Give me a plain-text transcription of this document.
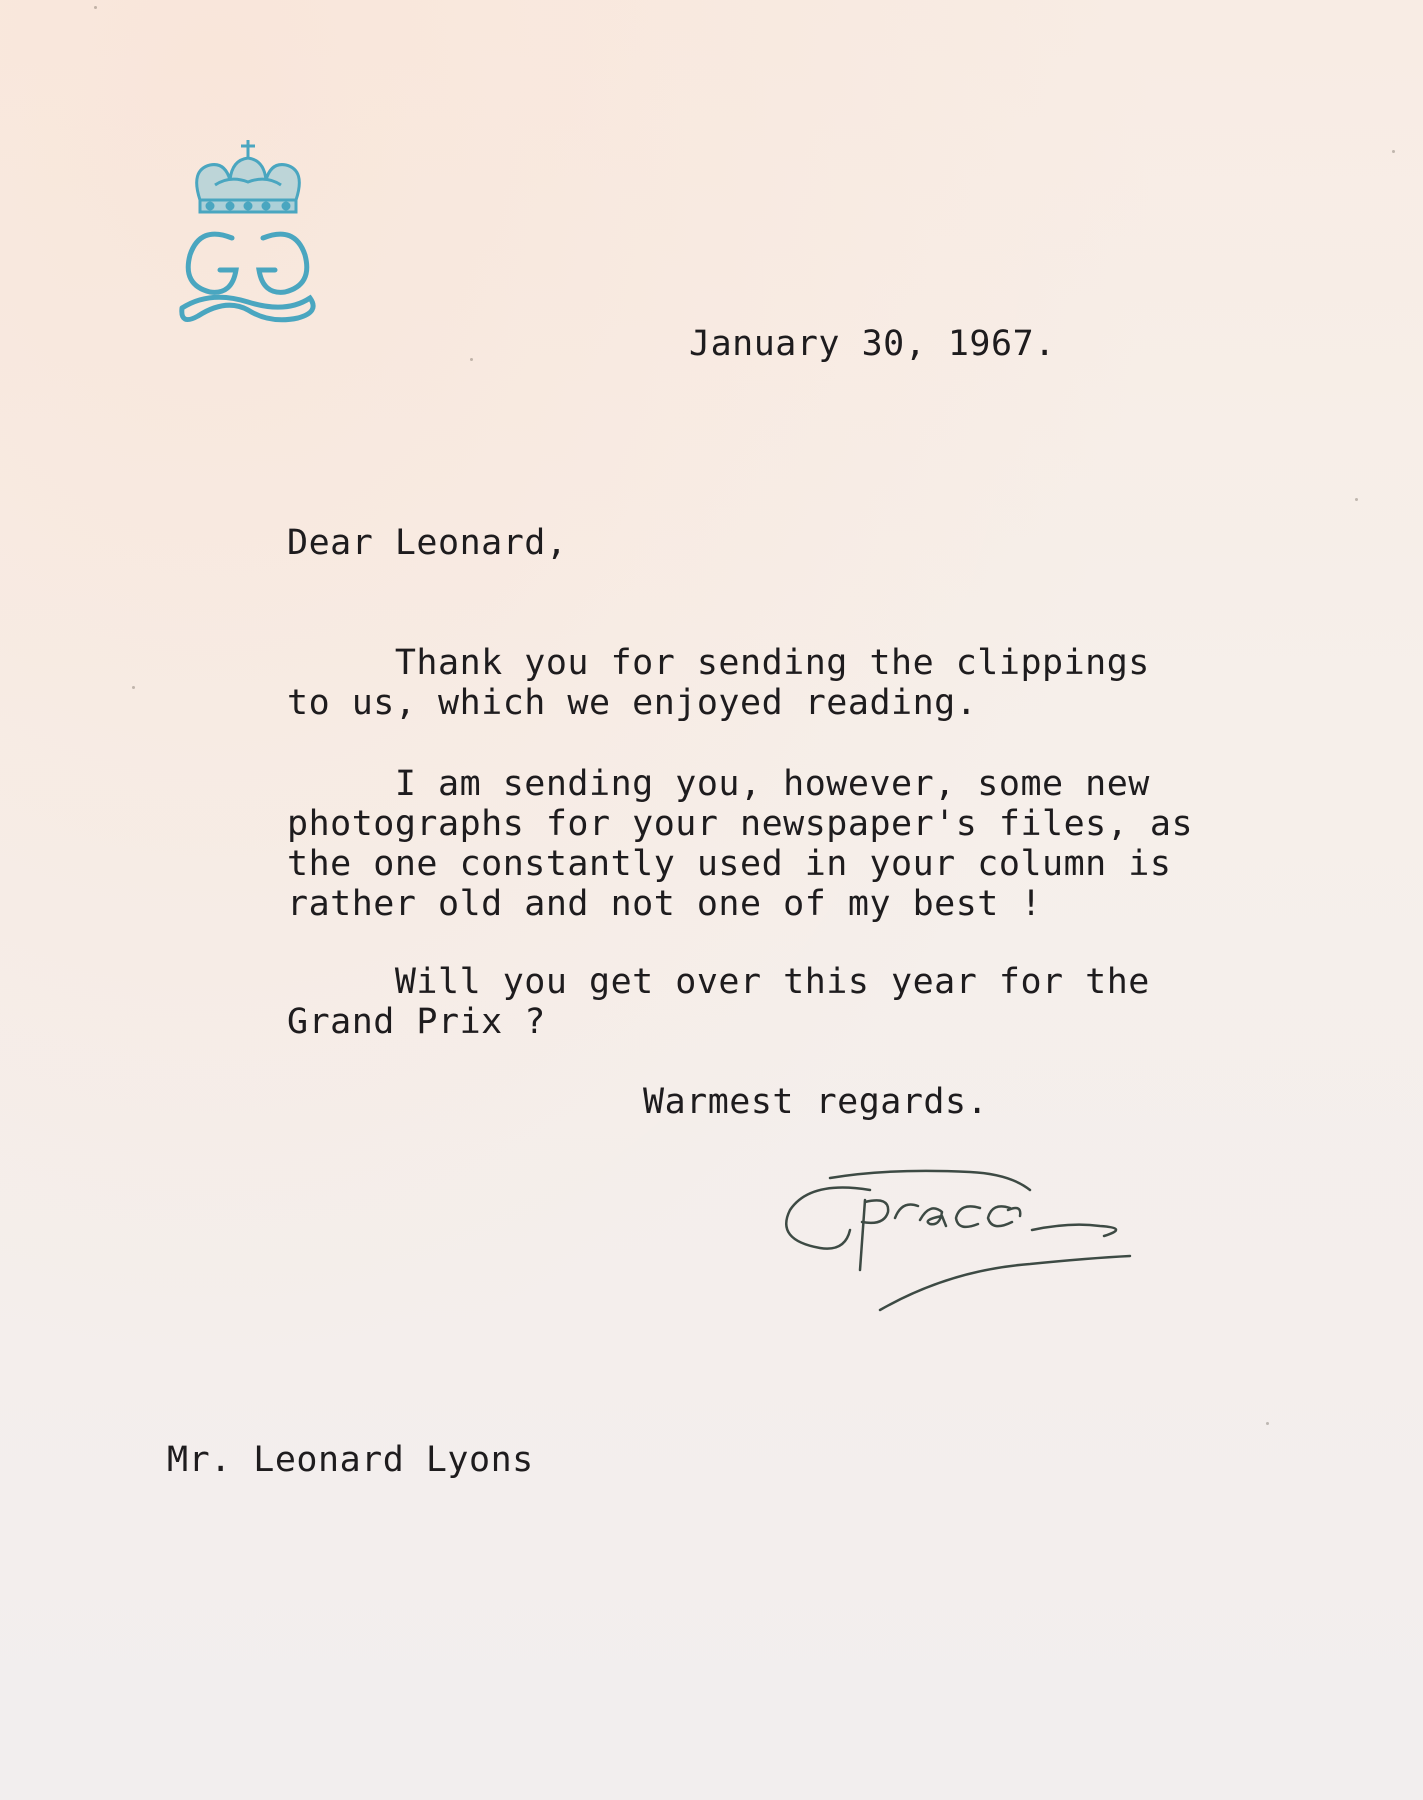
January 30, 1967.
Dear Leonard,
Thank you for sending the clippings
to us, which we enjoyed reading.
I am sending you, however, some new
photographs for your newspaper's files, as
the one constantly used in your column is
rather old and not one of my best !
Will you get over this year for the
Grand Prix ?
Warmest regards.
Mr. Leonard Lyons
